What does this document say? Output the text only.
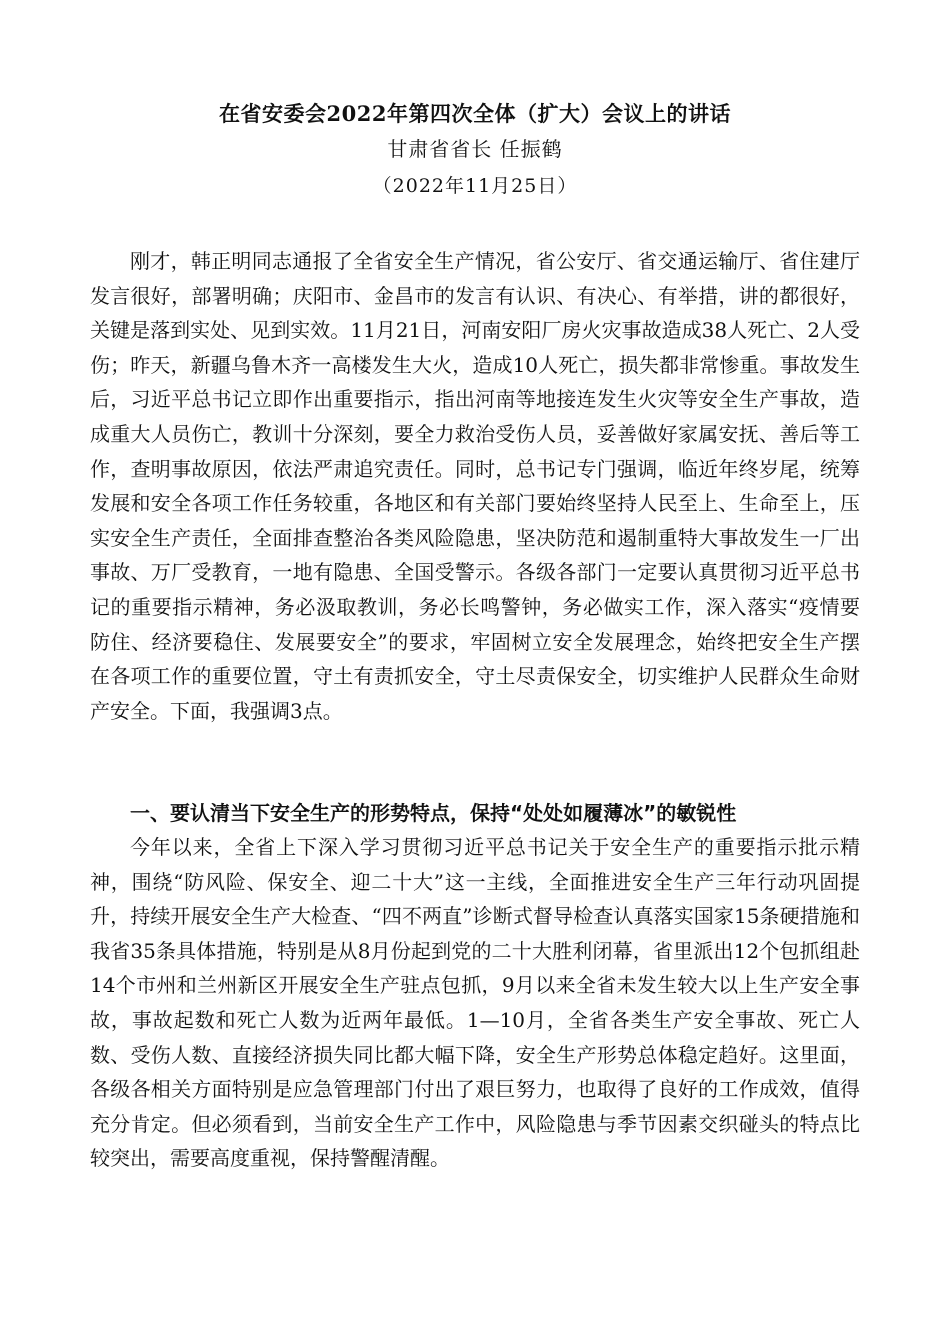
在省安委会2022年第四次全体（扩大）会议上的讲话
甘肃省省长 任振鹤
（2022年11月25日）

刚才，韩正明同志通报了全省安全生产情况，省公安厅、省交通运输厅、省住建厅发言很好，部署明确；庆阳市、金昌市的发言有认识、有决心、有举措，讲的都很好，关键是落到实处、见到实效。11月21日，河南安阳厂房火灾事故造成38人死亡、2人受伤；昨天，新疆乌鲁木齐一高楼发生大火，造成10人死亡，损失都非常惨重。事故发生后，习近平总书记立即作出重要指示，指出河南等地接连发生火灾等安全生产事故，造成重大人员伤亡，教训十分深刻，要全力救治受伤人员，妥善做好家属安抚、善后等工作，查明事故原因，依法严肃追究责任。同时，总书记专门强调，临近年终岁尾，统筹发展和安全各项工作任务较重，各地区和有关部门要始终坚持人民至上、生命至上，压实安全生产责任，全面排查整治各类风险隐患，坚决防范和遏制重特大事故发生一厂出事故、万厂受教育，一地有隐患、全国受警示。各级各部门一定要认真贯彻习近平总书记的重要指示精神，务必汲取教训，务必长鸣警钟，务必做实工作，深入落实“疫情要防住、经济要稳住、发展要安全”的要求，牢固树立安全发展理念，始终把安全生产摆在各项工作的重要位置，守土有责抓安全，守土尽责保安全，切实维护人民群众生命财产安全。下面，我强调3点。

一、要认清当下安全生产的形势特点，保持“处处如履薄冰”的敏锐性

今年以来，全省上下深入学习贯彻习近平总书记关于安全生产的重要指示批示精神，围绕“防风险、保安全、迎二十大”这一主线，全面推进安全生产三年行动巩固提升，持续开展安全生产大检查、“四不两直”诊断式督导检查认真落实国家15条硬措施和我省35条具体措施，特别是从8月份起到党的二十大胜利闭幕，省里派出12个包抓组赴14个市州和兰州新区开展安全生产驻点包抓，9月以来全省未发生较大以上生产安全事故，事故起数和死亡人数为近两年最低。1—10月，全省各类生产安全事故、死亡人数、受伤人数、直接经济损失同比都大幅下降，安全生产形势总体稳定趋好。这里面，各级各相关方面特别是应急管理部门付出了艰巨努力，也取得了良好的工作成效，值得充分肯定。但必须看到，当前安全生产工作中，风险隐患与季节因素交织碰头的特点比较突出，需要高度重视，保持警醒清醒。
